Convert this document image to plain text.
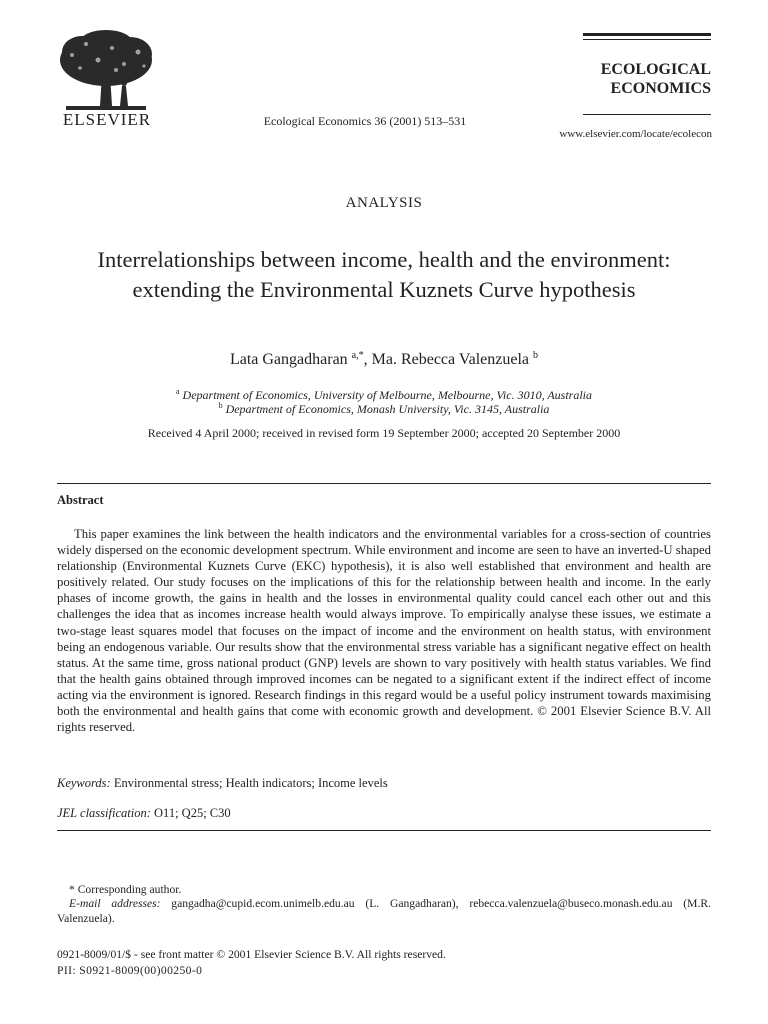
ELSEVIER	Ecological Economics 36 (2001) 513–531
ECOLOGICAL
ECONOMICS
www.elsevier.com/locate/ecolecon
ANALYSIS
Interrelationships between income, health and the environment: extending the Environmental Kuznets Curve hypothesis
Lata Gangadharan $^{a,*}$, Ma. Rebecca Valenzuela $^b$
$^a$ Department of Economics, University of Melbourne, Melbourne, Vic. 3010, Australia
$^b$ Department of Economics, Monash University, Vic. 3145, Australia
Received 4 April 2000; received in revised form 19 September 2000; accepted 20 September 2000
Abstract
This paper examines the link between the health indicators and the environmental variables for a cross-section of countries widely dispersed on the economic development spectrum. While environment and income are seen to have an inverted-U shaped relationship (Environmental Kuznets Curve (EKC) hypothesis), it is also well established that environment and health are positively related. Our study focuses on the implications of this for the relationship between health and income. In the early phases of income growth, the gains in health and the losses in environmental quality could cancel each other out and this challenges the idea that as incomes increase health would always improve. To empirically analyse these issues, we estimate a two-stage least squares model that focuses on the impact of income and the environment on health status, with environment being an endogenous variable. Our results show that the environmental stress variable has a significant negative effect on health status. At the same time, gross national product (GNP) levels are shown to vary positively with health status variables. We find that the health gains obtained through improved incomes can be negated to a significant extent if the indirect effect of income acting via the environment is ignored. Research findings in this regard would be a useful policy instrument towards maximising both the environmental and health gains that come with economic growth and development. © 2001 Elsevier Science B.V. All rights reserved.
Keywords: Environmental stress; Health indicators; Income levels
JEL classification: O11; Q25; C30
* Corresponding author.
E-mail addresses: gangadha@cupid.ecom.unimelb.edu.au (L. Gangadharan), rebecca.valenzuela@buseco.monash.edu.au (M.R. Valenzuela).
0921-8009/01/$ - see front matter © 2001 Elsevier Science B.V. All rights reserved.
PII: S0921-8009(00)00250-0
